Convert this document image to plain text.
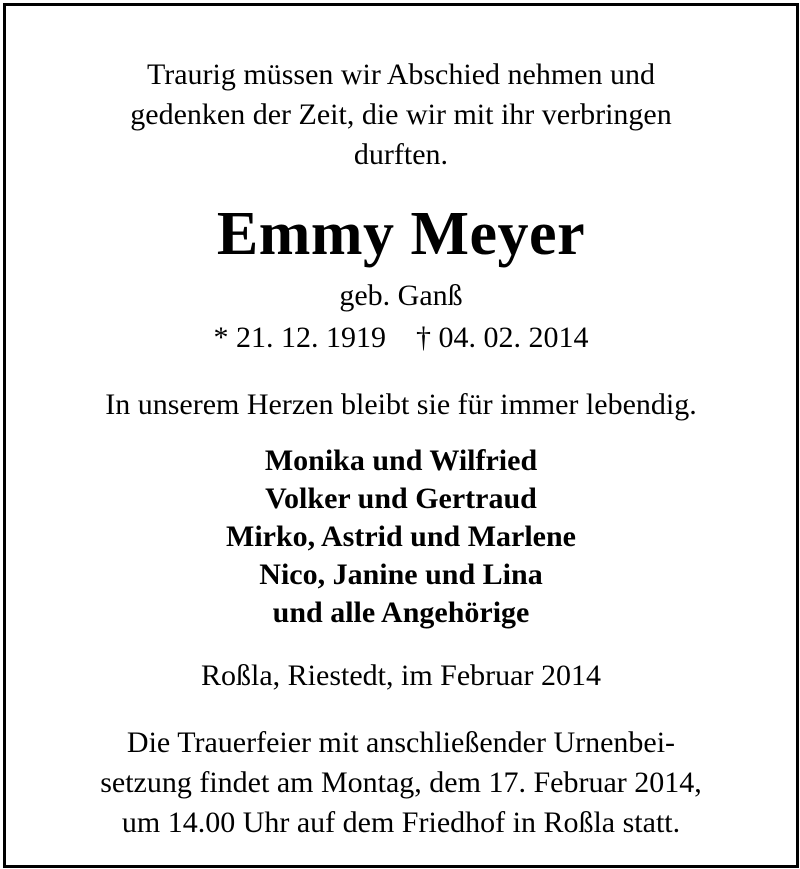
Traurig müssen wir Abschied nehmen und
gedenken der Zeit, die wir mit ihr verbringen
durften.
Emmy Meyer
geb. Ganß
* 21. 12. 1919 † 04. 02. 2014
In unserem Herzen bleibt sie für immer lebendig.
Monika und Wilfried
Volker und Gertraud
Mirko, Astrid und Marlene
Nico, Janine und Lina
und alle Angehörige
Roßla, Riestedt, im Februar 2014
Die Trauerfeier mit anschließender Urnenbei-
setzung findet am Montag, dem 17. Februar 2014,
um 14.00 Uhr auf dem Friedhof in Roßla statt.
